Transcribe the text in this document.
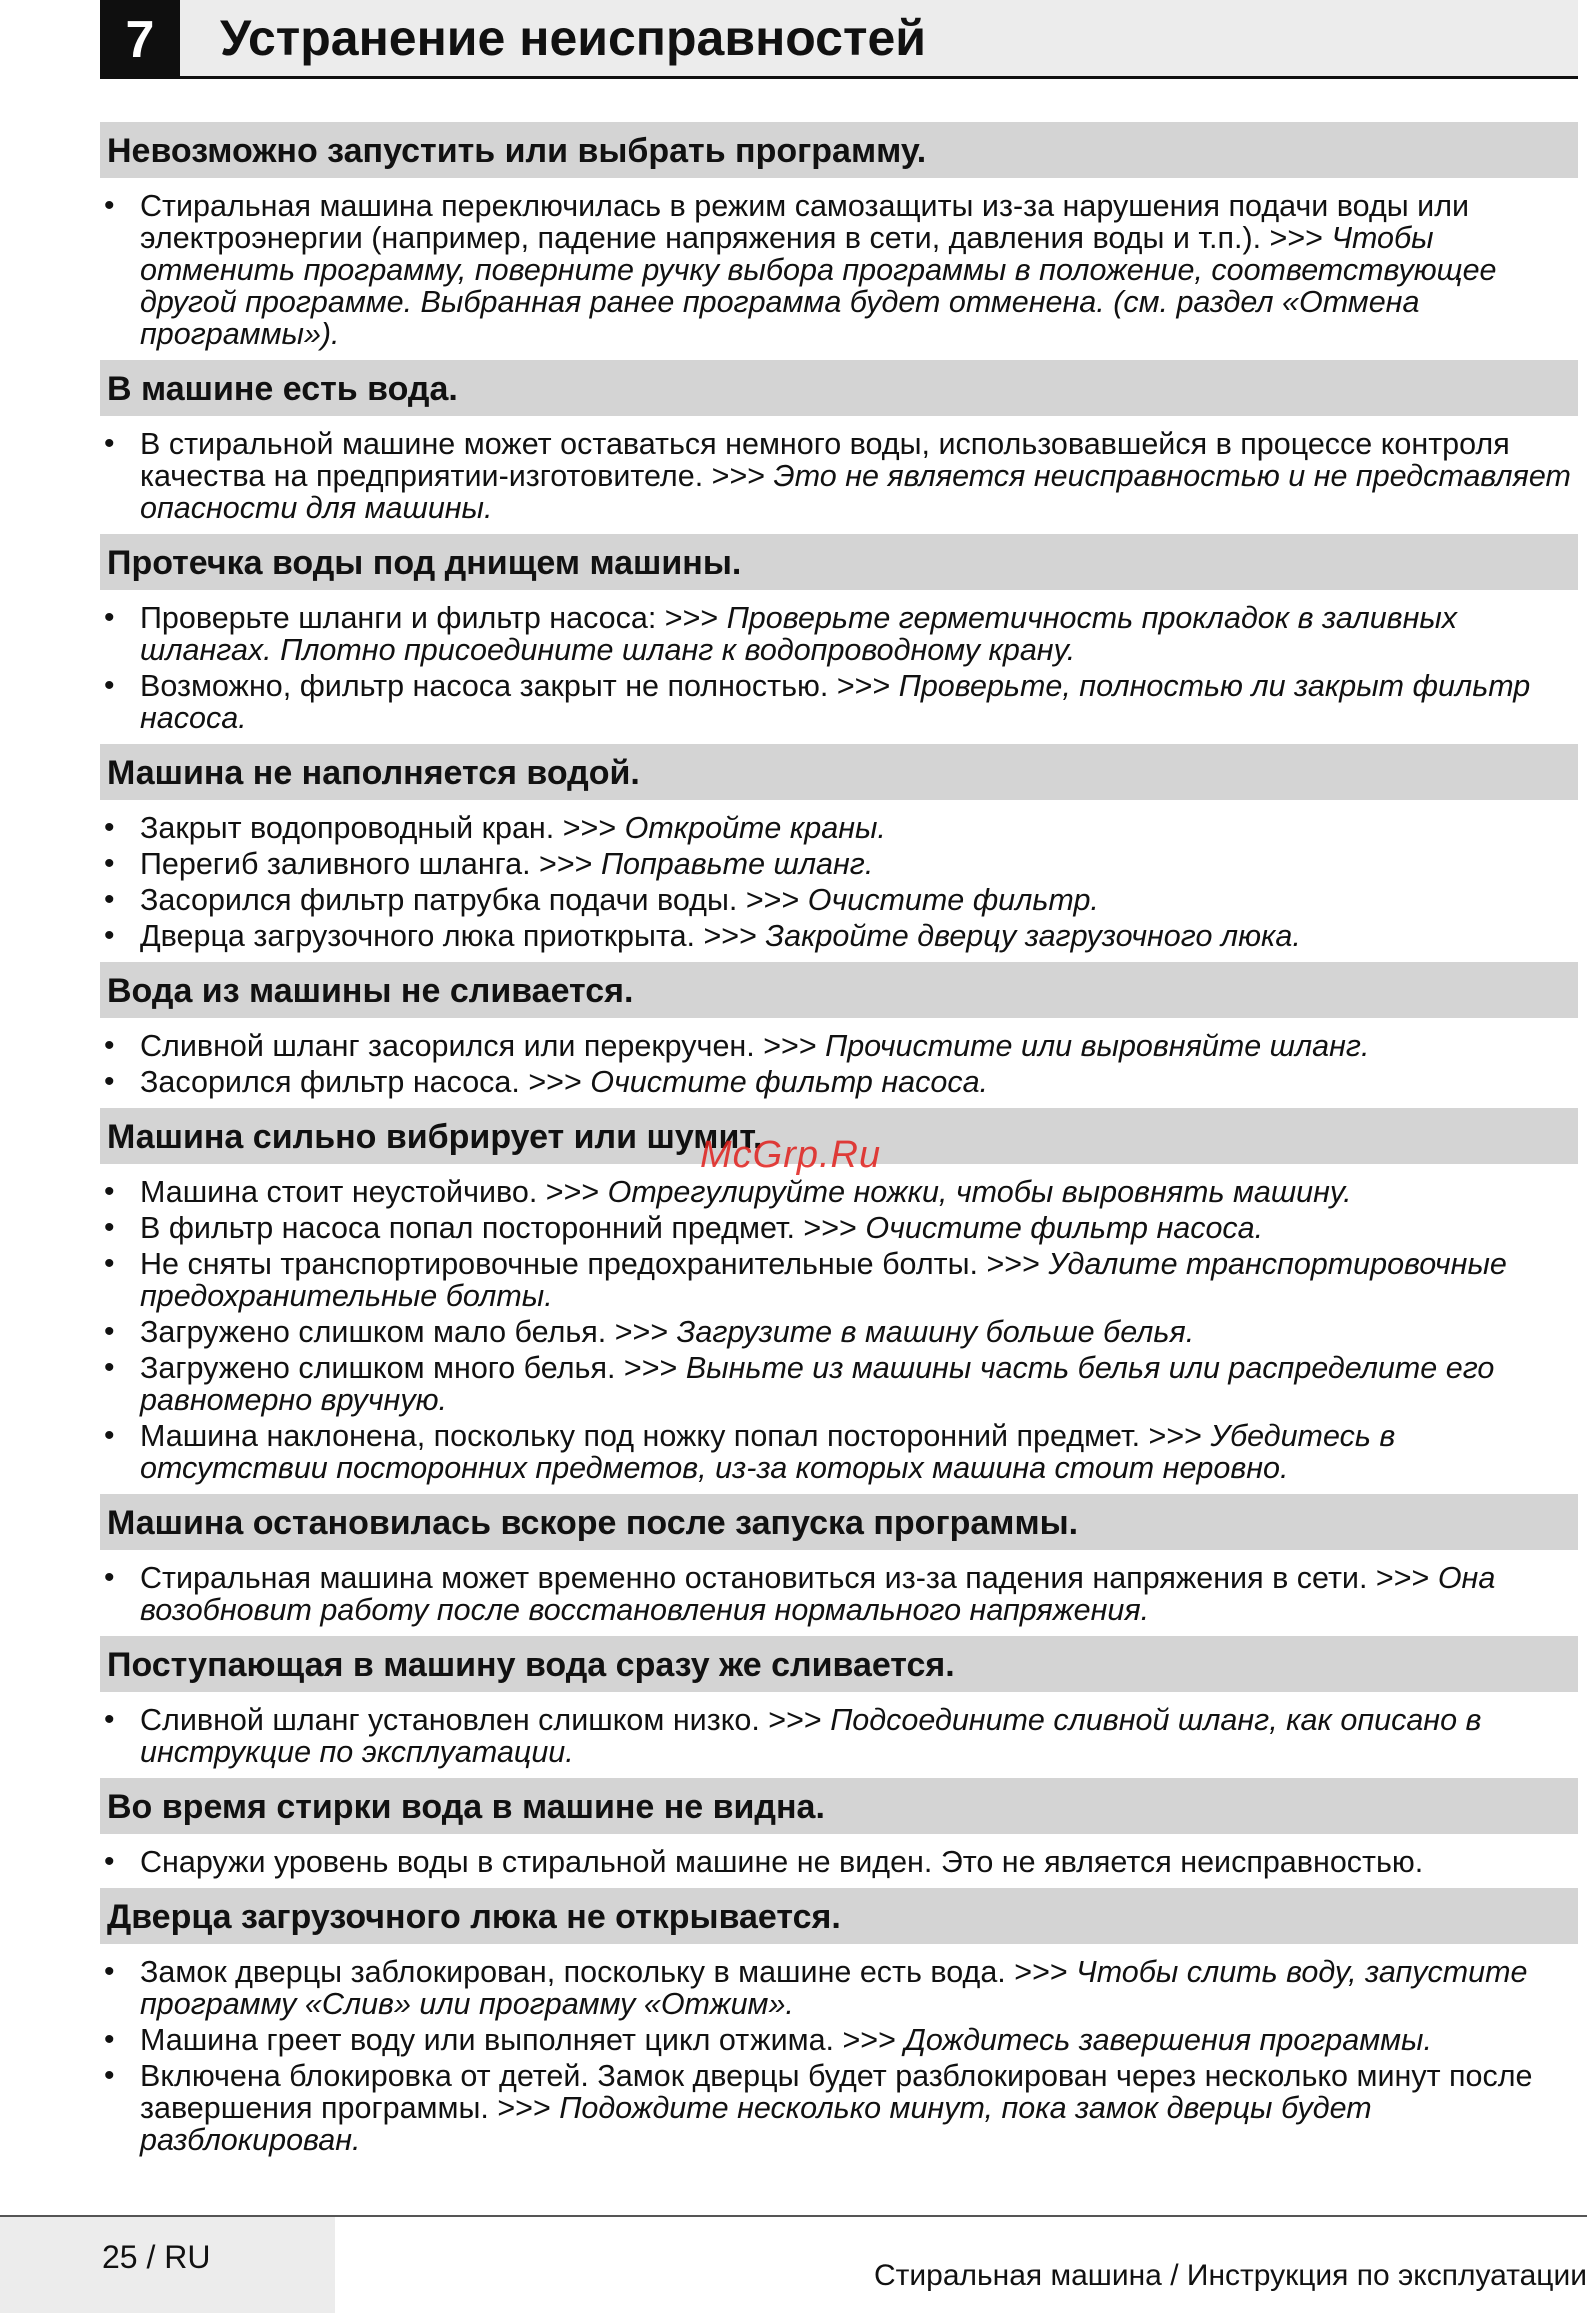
7	Устранение неисправностей
Невозможно запустить или выбрать программу.
• Стиральная машина переключилась в режим самозащиты из-за нарушения подачи воды или электроэнергии (например, падение напряжения в сети, давления воды и т.п.). >>> Чтобы отменить программу, поверните ручку выбора программы в положение, соответствующее другой программе. Выбранная ранее программа будет отменена. (см. раздел «Отмена программы»).
В машине есть вода.
• В стиральной машине может оставаться немного воды, использовавшейся в процессе контроля качества на предприятии-изготовителе. >>> Это не является неисправностью и не представляет опасности для машины.
Протечка воды под днищем машины.
• Проверьте шланги и фильтр насоса: >>> Проверьте герметичность прокладок в заливных шлангах. Плотно присоедините шланг к водопроводному крану.
• Возможно, фильтр насоса закрыт не полностью. >>> Проверьте, полностью ли закрыт фильтр насоса.
Машина не наполняется водой.
• Закрыт водопроводный кран. >>> Откройте краны.
• Перегиб заливного шланга. >>> Поправьте шланг.
• Засорился фильтр патрубка подачи воды. >>> Очистите фильтр.
• Дверца загрузочного люка приоткрыта. >>> Закройте дверцу загрузочного люка.
Вода из машины не сливается.
• Сливной шланг засорился или перекручен. >>> Прочистите или выровняйте шланг.
• Засорился фильтр насоса. >>> Очистите фильтр насоса.
Машина сильно вибрирует или шумит.
• Машина стоит неустойчиво. >>> Отрегулируйте ножки, чтобы выровнять машину.
• В фильтр насоса попал посторонний предмет. >>> Очистите фильтр насоса.
• Не сняты транспортировочные предохранительные болты. >>> Удалите транспортировочные предохранительные болты.
• Загружено слишком мало белья. >>> Загрузите в машину больше белья.
• Загружено слишком много белья. >>> Выньте из машины часть белья или распределите его равномерно вручную.
• Машина наклонена, поскольку под ножку попал посторонний предмет. >>> Убедитесь в отсутствии посторонних предметов, из-за которых машина стоит неровно.
Машина остановилась вскоре после запуска программы.
• Стиральная машина может временно остановиться из-за падения напряжения в сети. >>> Она возобновит работу после восстановления нормального напряжения.
Поступающая в машину вода сразу же сливается.
• Сливной шланг установлен слишком низко. >>> Подсоедините сливной шланг, как описано в инструкцие по эксплуатации.
Во время стирки вода в машине не видна.
• Снаружи уровень воды в стиральной машине не виден. Это не является неисправностью.
Дверца загрузочного люка не открывается.
• Замок дверцы заблокирован, поскольку в машине есть вода. >>> Чтобы слить воду, запустите программу «Слив» или программу «Отжим».
• Машина греет воду или выполняет цикл отжима. >>> Дождитесь завершения программы.
• Включена блокировка от детей. Замок дверцы будет разблокирован через несколько минут после завершения программы. >>> Подождите несколько минут, пока замок дверцы будет разблокирован.
McGrp.Ru
25 / RU
Стиральная машина / Инструкция по эксплуатации
